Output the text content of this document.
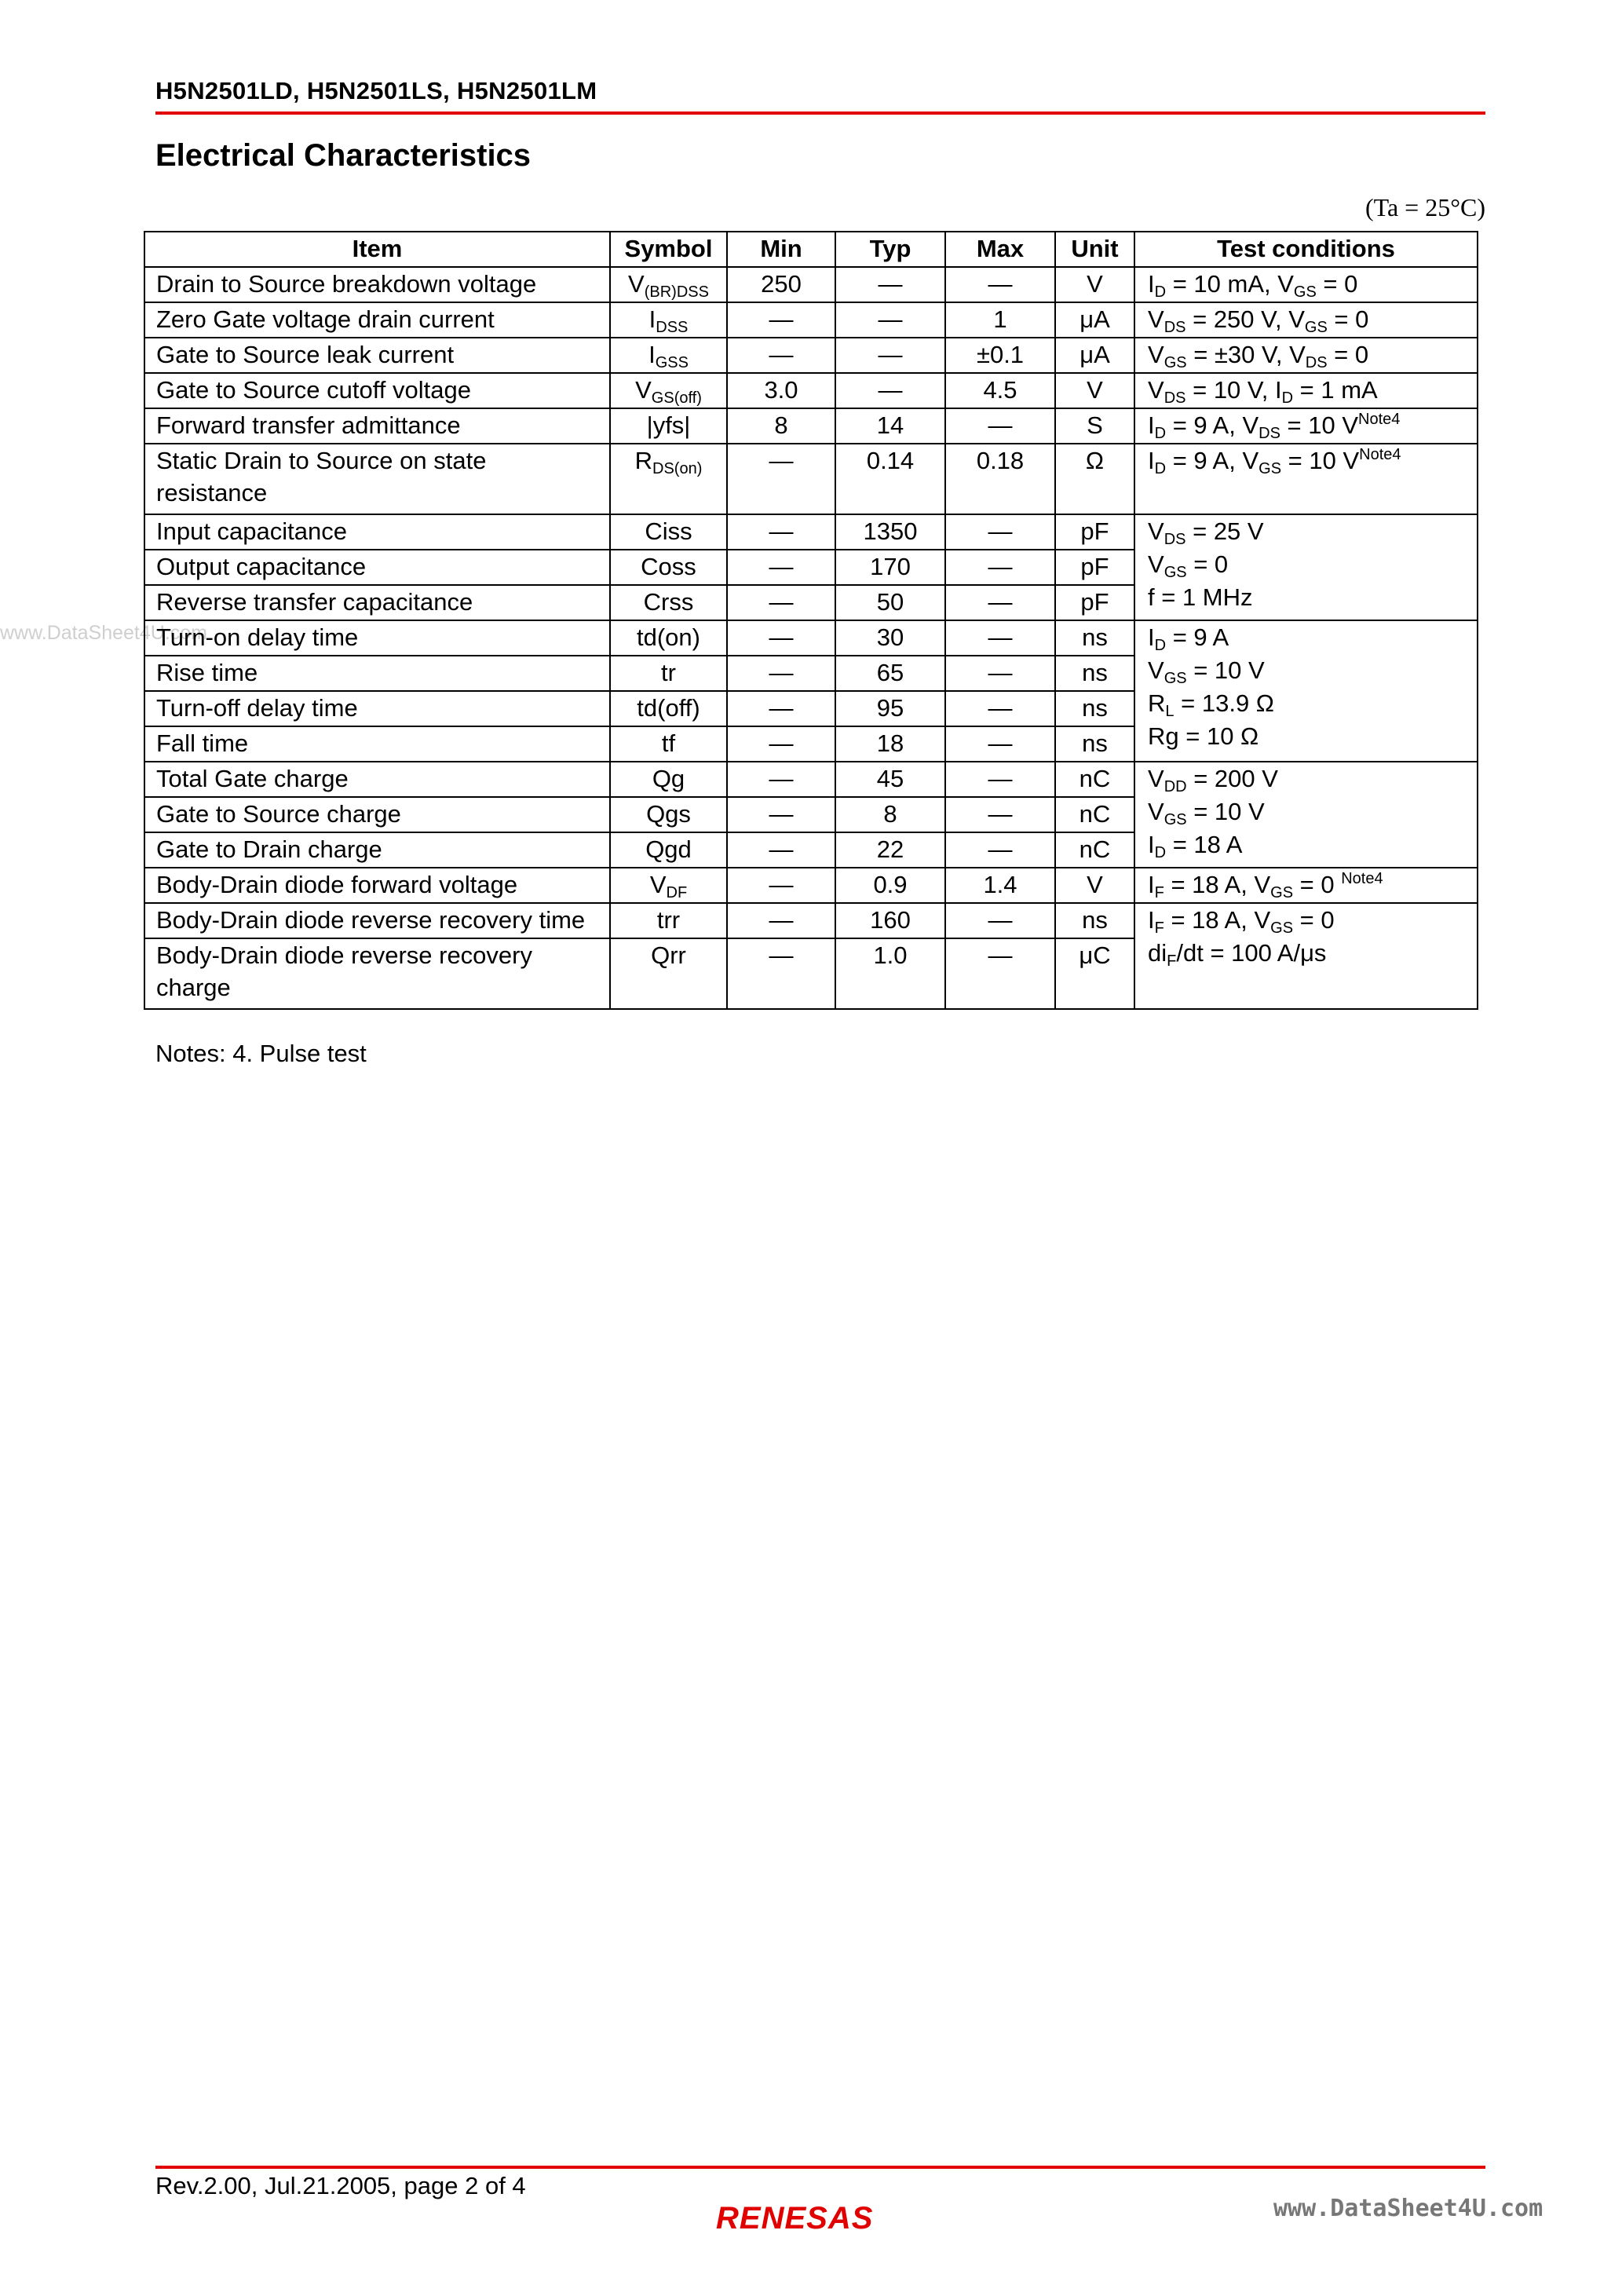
H5N2501LD, H5N2501LS, H5N2501LM
Electrical Characteristics
(Ta = 25°C)
www.DataSheet4U.com
Item	Symbol	Min	Typ	Max	Unit	Test conditions
Drain to Source breakdown voltage	$V_{(BR)DSS}$	250	—	—	V	$I_D = 10$ mA, $V_{GS} = 0$
Zero Gate voltage drain current	$I_{DSS}$	—	—	1	μA	$V_{DS} = 250$ V, $V_{GS} = 0$
Gate to Source leak current	$I_{GSS}$	—	—	±0.1	μA	$V_{GS} = \pm 30$ V, $V_{DS} = 0$
Gate to Source cutoff voltage	$V_{GS(off)}$	3.0	—	4.5	V	$V_{DS} = 10$ V, $I_D = 1$ mA
Forward transfer admittance	|yfs|	8	14	—	S	$I_D = 9$ A, $V_{DS} = 10$ $V^{Note4}$
Static Drain to Source on state
resistance	$R_{DS(on)}$	—	0.14	0.18	Ω	$I_D = 9$ A, $V_{GS} = 10$ $V^{Note4}$
Input capacitance	Ciss	—	1350	—	pF	$V_{DS} = 25$ V
$V_{GS} = 0$
f = 1 MHz
Output capacitance	Coss	—	170	—	pF	
Reverse transfer capacitance	Crss	—	50	—	pF	
Turn-on delay time	td(on)	—	30	—	ns	$I_D = 9$ A
$V_{GS} = 10$ V
$R_L = 13.9$ Ω
Rg = 10 Ω
Rise time	tr	—	65	—	ns	
Turn-off delay time	td(off)	—	95	—	ns	
Fall time	tf	—	18	—	ns	
Total Gate charge	Qg	—	45	—	nC	$V_{DD} = 200$ V
$V_{GS} = 10$ V
$I_D = 18$ A
Gate to Source charge	Qgs	—	8	—	nC	
Gate to Drain charge	Qgd	—	22	—	nC	
Body-Drain diode forward voltage	$V_{DF}$	—	0.9	1.4	V	$I_F = 18$ A, $V_{GS} = 0$ $^{Note4}$
Body-Drain diode reverse recovery time	trr	—	160	—	ns	$I_F = 18$ A, $V_{GS} = 0$
$di_F/dt = 100$ A/μs
Body-Drain diode reverse recovery
charge	Qrr	—	1.0	—	μC	
Notes: 4. Pulse test
Rev.2.00, Jul.21.2005, page 2 of 4
RENESAS	www.DataSheet4U.com
